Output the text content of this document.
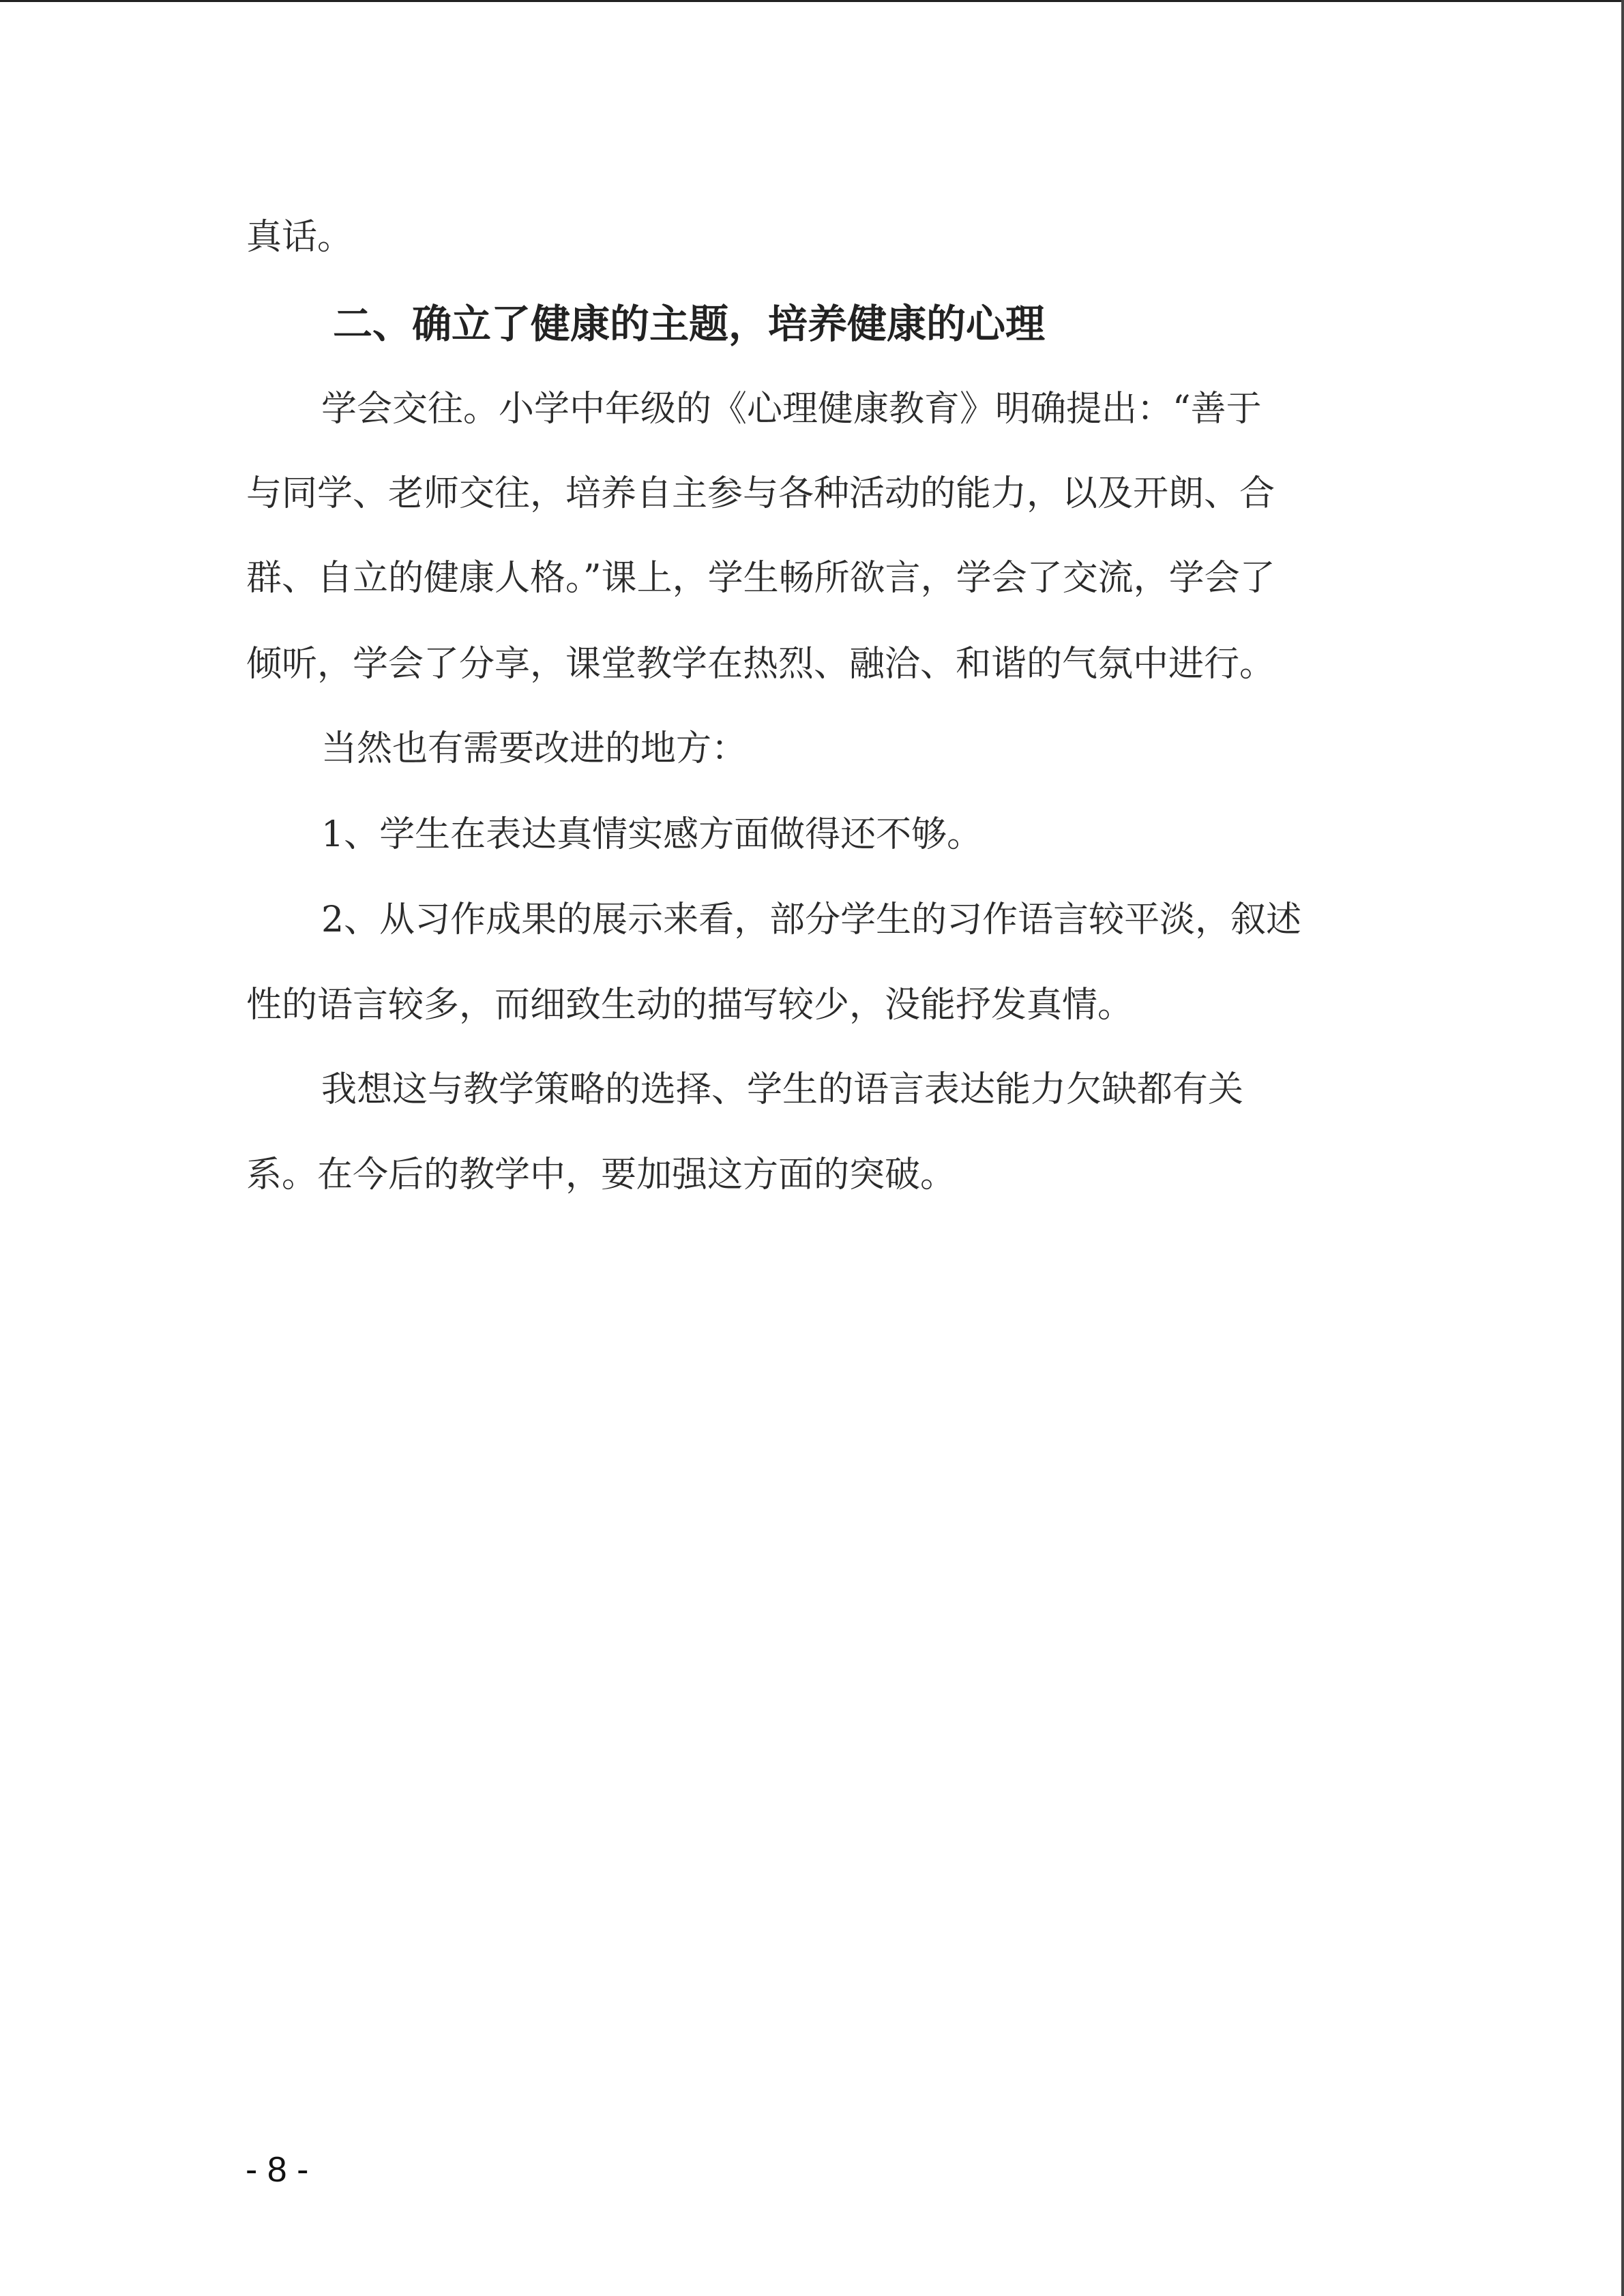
真话。
二、确立了健康的主题，培养健康的心理
学会交往。小学中年级的《心理健康教育》明确提出：“善于
与同学、老师交往，培养自主参与各种活动的能力，以及开朗、合
群、自立的健康人格。”课上，学生畅所欲言，学会了交流，学会了
倾听，学会了分享，课堂教学在热烈、融洽、和谐的气氛中进行。
当然也有需要改进的地方：
1、学生在表达真情实感方面做得还不够。
2、从习作成果的展示来看，部分学生的习作语言较平淡，叙述
性的语言较多，而细致生动的描写较少，没能抒发真情。
我想这与教学策略的选择、学生的语言表达能力欠缺都有关
系。在今后的教学中，要加强这方面的突破。
- 8 -
